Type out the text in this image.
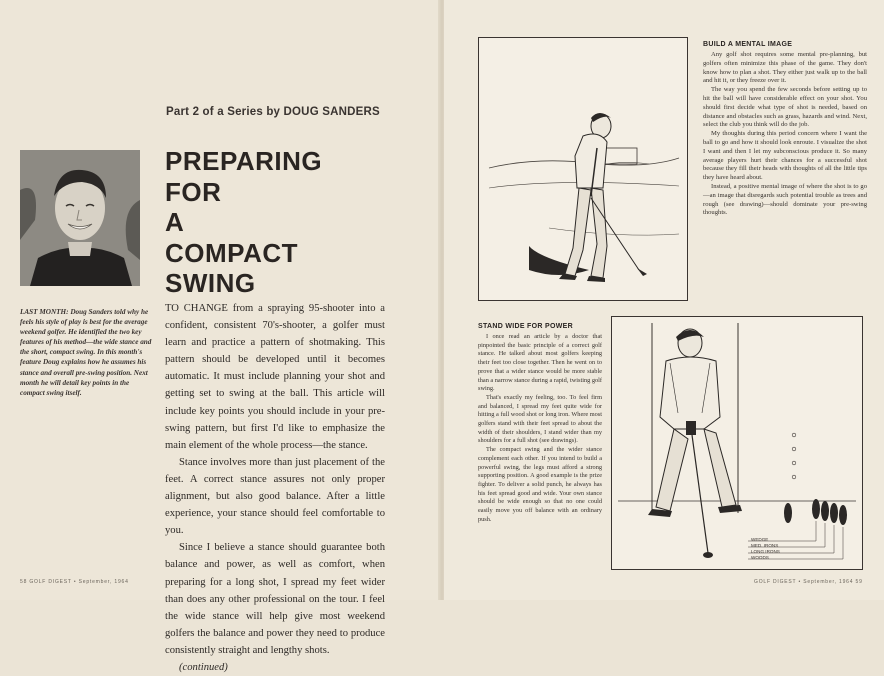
Part 2 of a Series by DOUG SANDERS
PREPARING
FOR
A
COMPACT
SWING
LAST MONTH: Doug Sanders told why he feels his style of play is best for the average weekend golfer. He identified the two key features of his method—the wide stance and the short, compact swing. In this month's feature Doug explains how he assumes his stance and overall pre-swing position. Next month he will detail key points in the compact swing itself.

TO CHANGE from a spraying 95-shooter into a confident, consistent 70's-shooter, a golfer must learn and practice a pattern of shotmaking. This pattern should be developed until it becomes automatic. It must include planning your shot and getting set to swing at the ball. This article will include key points you should include in your pre-swing pattern, but first I'd like to emphasize the main element of the whole process—the stance.

Stance involves more than just placement of the feet. A correct stance assures not only proper alignment, but also good balance. After a little experience, your stance should feel comfortable to you.

Since I believe a stance should guarantee both balance and power, as well as comfort, when preparing for a long shot, I spread my feet wider than does any other professional on the tour. I feel the wide stance will help give most weekend golfers the balance and power they need to produce consistently straight and lengthy shots.

(continued)

58 GOLF DIGEST • September, 1964
BUILD A MENTAL IMAGE

Any golf shot requires some mental pre-planning, but golfers often minimize this phase of the game. They don't know how to plan a shot. They either just walk up to the ball and hit it, or they freeze over it.

The way you spend the few seconds before setting up to hit the ball will have considerable effect on your shot. You should first decide what type of shot is needed, based on distance and obstacles such as grass, hazards and wind. Next, select the club you think will do the job.

My thoughts during this period concern where I want the ball to go and how it should look enroute. I visualize the shot I want and then I let my subconscious produce it. So many average players hurt their chances for a successful shot because they fill their heads with thoughts of all the little tips they have heard about.

Instead, a positive mental image of where the shot is to go—an image that disregards such potential trouble as trees and rough (see drawing)—should dominate your pre-swing thoughts.

STAND WIDE FOR POWER

I once read an article by a doctor that pinpointed the basic principle of a correct golf stance. He talked about most golfers keeping their feet too close together. Then he went on to prove that a wider stance would be more stable than a narrow stance during a rapid, twisting golf swing.

That's exactly my feeling, too. To feel firm and balanced, I spread my feet quite wide for hitting a full wood shot or long iron. Where most golfers stand with their feet spread to about the width of their shoulders, I stand wider than my shoulders for a full shot (see drawings).

The compact swing and the wider stance complement each other. If you intend to build a powerful swing, the legs must afford a strong supporting position. A good example is the prize fighter. To deliver a solid punch, he always has his feet spread good and wide. Your own stance should be wide enough so that no one could easily move you off balance with an ordinary push.

WEDGE
MED. IRONS
LONG IRONS
WOODS
GOLF DIGEST • September, 1964 59
